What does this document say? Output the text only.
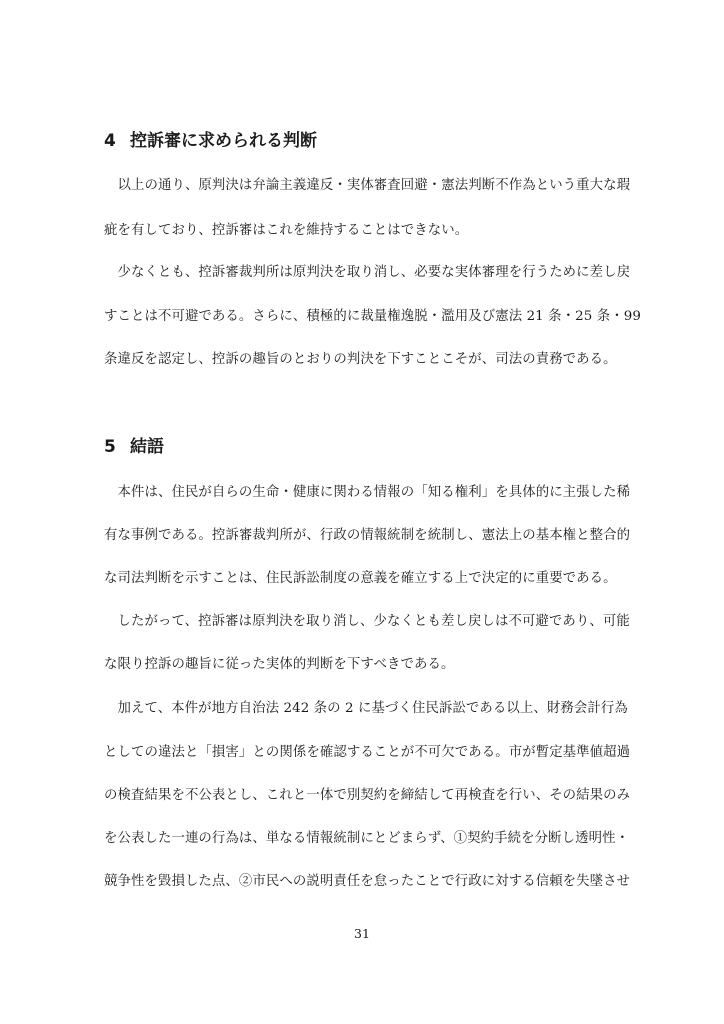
4 控訴審に求められる判断
　以上の通り、原判決は弁論主義違反・実体審査回避・憲法判断不作為という重大な瑕
疵を有しており、控訴審はこれを維持することはできない。
　少なくとも、控訴審裁判所は原判決を取り消し、必要な実体審理を行うために差し戻
すことは不可避である。さらに、積極的に裁量権逸脱・濫用及び憲法 21 条・25 条・99
条違反を認定し、控訴の趣旨のとおりの判決を下すことこそが、司法の責務である。
5 結語
　本件は、住民が自らの生命・健康に関わる情報の「知る権利」を具体的に主張した稀
有な事例である。控訴審裁判所が、行政の情報統制を統制し、憲法上の基本権と整合的
な司法判断を示すことは、住民訴訟制度の意義を確立する上で決定的に重要である。
　したがって、控訴審は原判決を取り消し、少なくとも差し戻しは不可避であり、可能
な限り控訴の趣旨に従った実体的判断を下すべきである。
　加えて、本件が地方自治法 242 条の 2 に基づく住民訴訟である以上、財務会計行為
としての違法と「損害」との関係を確認することが不可欠である。市が暫定基準値超過
の検査結果を不公表とし、これと一体で別契約を締結して再検査を行い、その結果のみ
を公表した一連の行為は、単なる情報統制にとどまらず、①契約手続を分断し透明性・
競争性を毀損した点、②市民への説明責任を怠ったことで行政に対する信頼を失墜させ
31
